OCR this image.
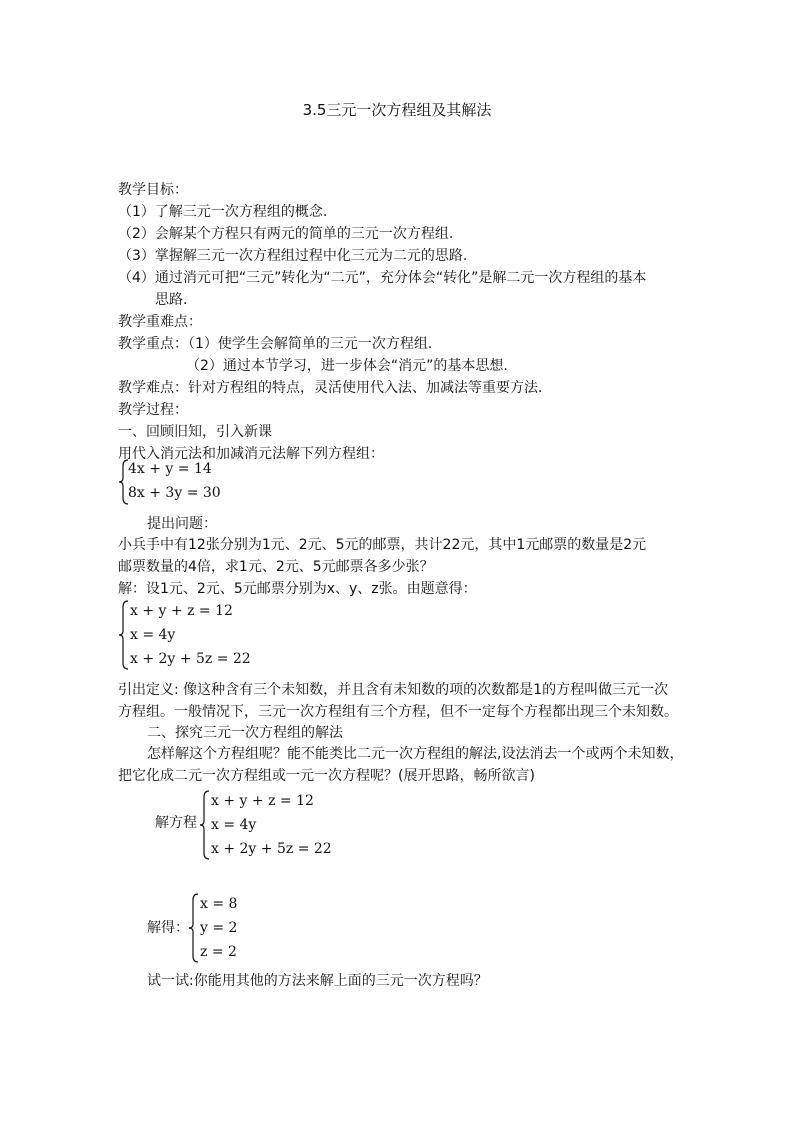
3.5三元一次方程组及其解法
教学目标：
（1）了解三元一次方程组的概念.
（2）会解某个方程只有两元的简单的三元一次方程组.
（3）掌握解三元一次方程组过程中化三元为二元的思路.
（4）通过消元可把“三元”转化为“二元”，充分体会“转化”是解二元一次方程组的基本
思路.
教学重难点：
教学重点：（1）使学生会解简单的三元一次方程组.
（2）通过本节学习，进一步体会“消元”的基本思想.
教学难点：针对方程组的特点，灵活使用代入法、加减法等重要方法.
教学过程：
一、回顾旧知，引入新课
用代入消元法和加减消元法解下列方程组：
4x + y = 14
8x + 3y = 30
提出问题：
小兵手中有12张分别为1元、2元、5元的邮票，共计22元，其中1元邮票的数量是2元
邮票数量的4倍，求1元、2元、5元邮票各多少张？
解：设1元、2元、5元邮票分别为x、y、z张。由题意得：
x + y + z = 12
x = 4y
x + 2y + 5z = 22
引出定义: 像这种含有三个未知数，并且含有未知数的项的次数都是1的方程叫做三元一次
方程组。一般情况下，三元一次方程组有三个方程，但不一定每个方程都出现三个未知数。
二、探究三元一次方程组的解法
怎样解这个方程组呢？能不能类比二元一次方程组的解法,设法消去一个或两个未知数，
把它化成二元一次方程组或一元一次方程呢？(展开思路，畅所欲言)
解方程
x + y + z = 12
x = 4y
x + 2y + 5z = 22
解得：
x = 8
y = 2
z = 2
试一试:你能用其他的方法来解上面的三元一次方程吗？
